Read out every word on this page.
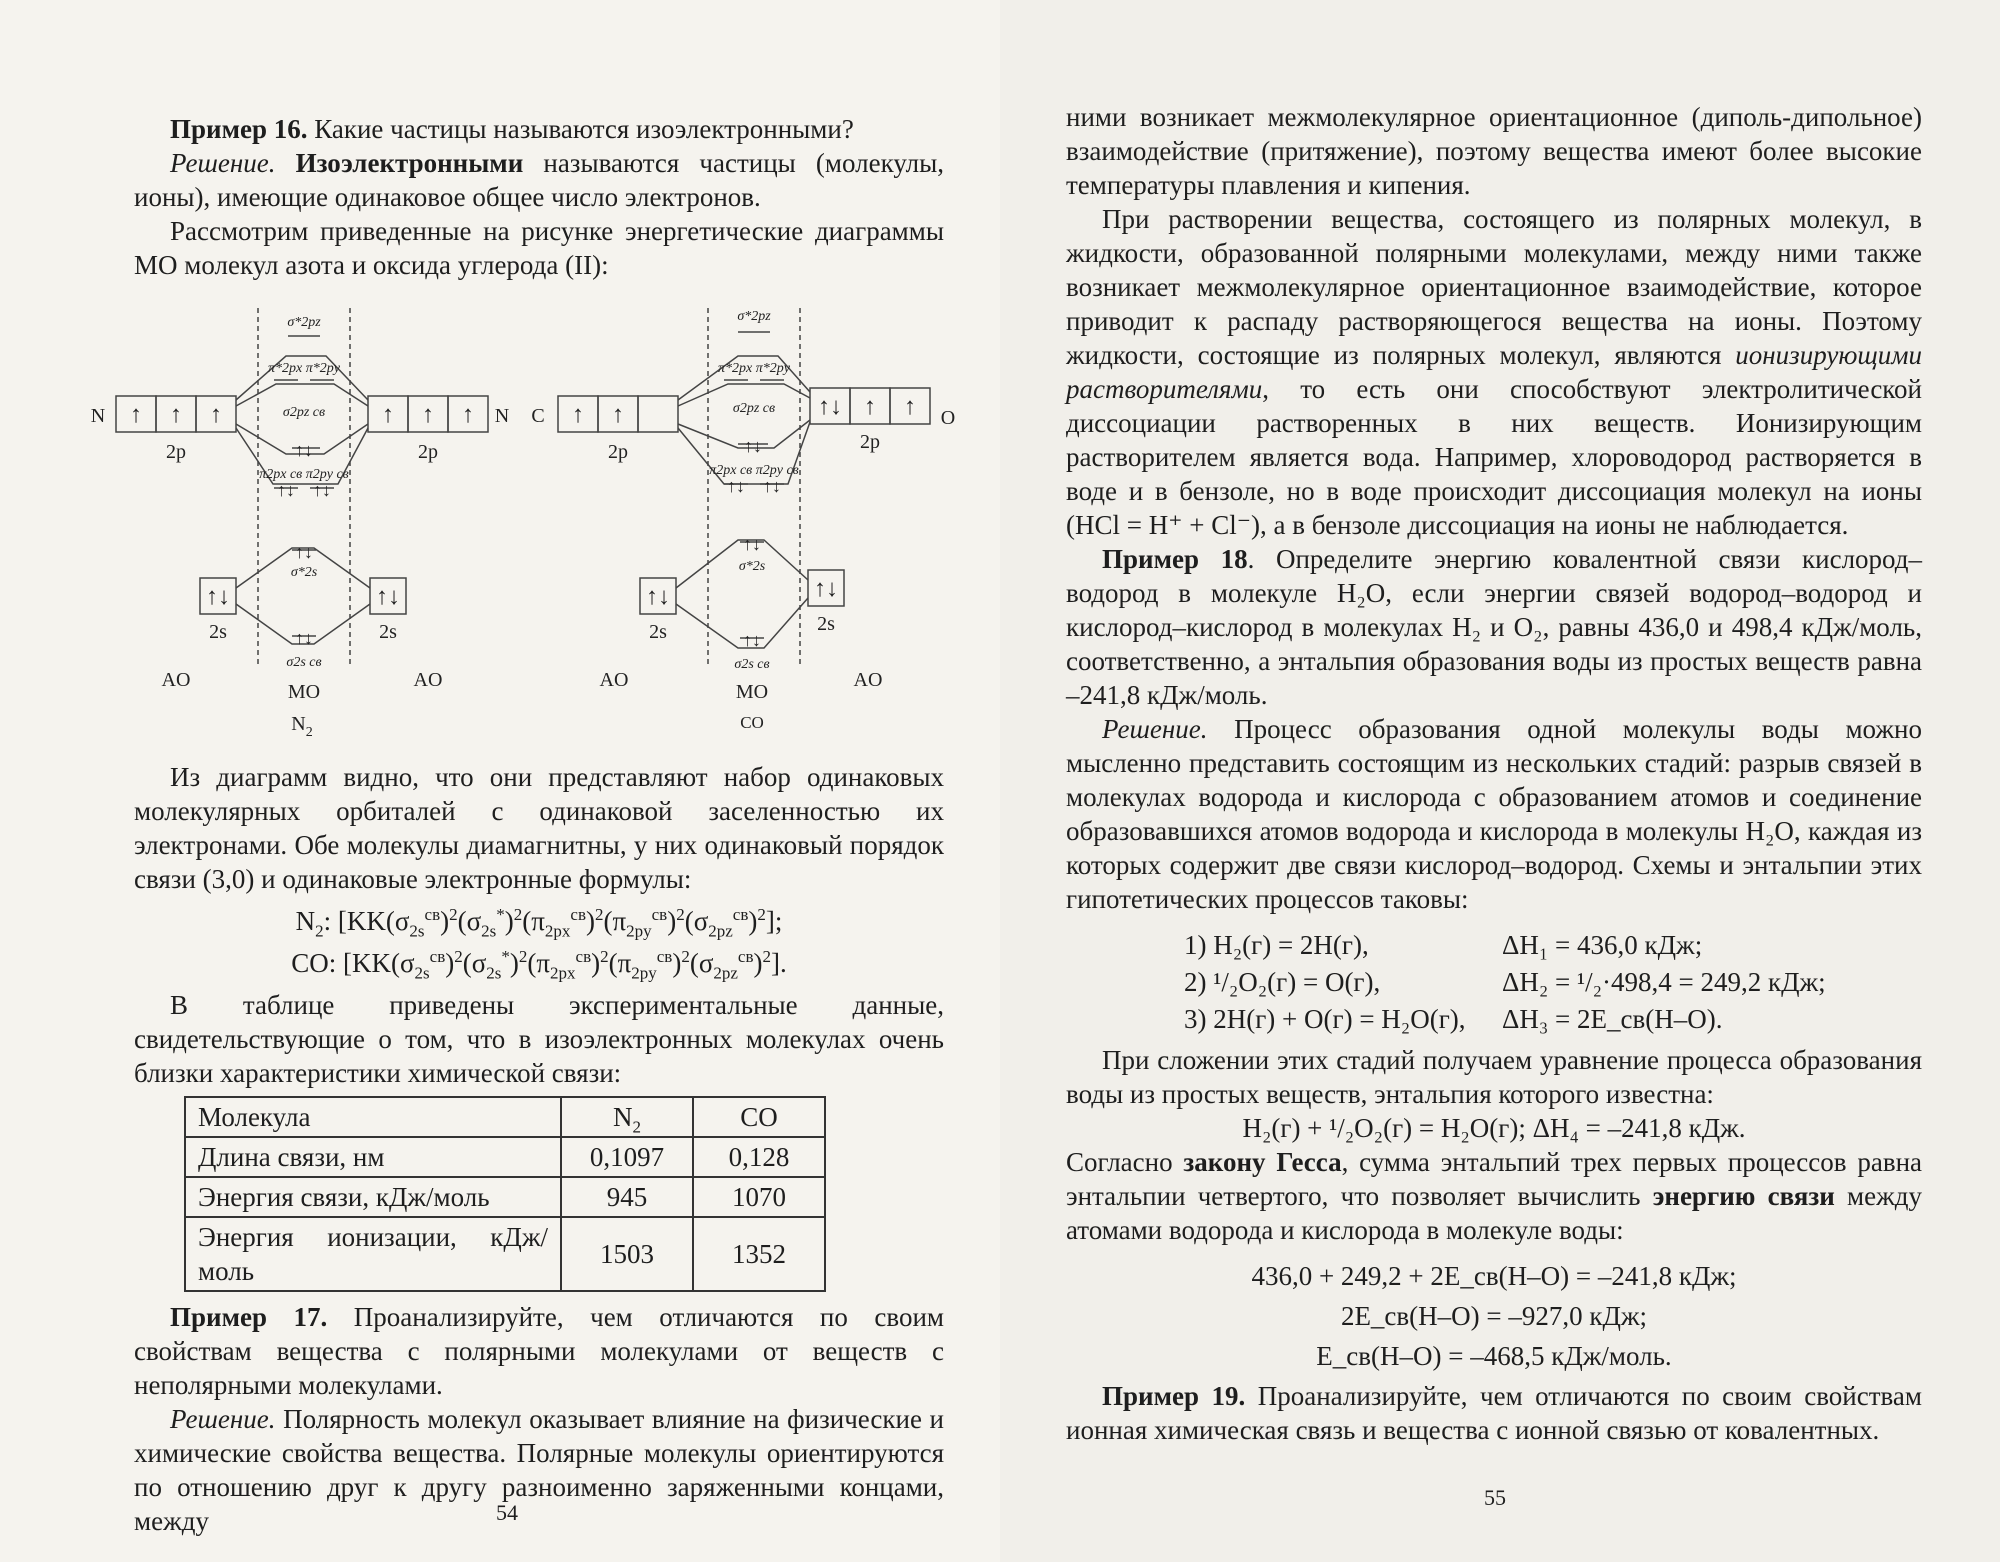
Пример 16. Какие частицы называются изоэлектронными?

Решение. Изоэлектронными называются частицы (молекулы, ионы), имеющие одинаковое общее число электронов.

Рассмотрим приведенные на рисунке энергетические диаграммы МО молекул азота и оксида углерода (II):

Из диаграмм видно, что они представляют набор одинаковых молекулярных орбиталей с одинаковой заселенностью их электронами. Обе молекулы диамагнитны, у них одинаковый порядок связи (3,0) и одинаковые электронные формулы:

$N_2$: $[KK(\sigma_{2s}^{cв})^2(\sigma_{2s}^*)^2(\pi_{2px}^{cв})^2(\pi_{2py}^{cв})^2(\sigma_{2pz}^{cв})^2]$;

CO: $[KK(\sigma_{2s}^{cв})^2(\sigma_{2s}^*)^2(\pi_{2px}^{cв})^2(\pi_{2py}^{cв})^2(\sigma_{2pz}^{cв})^2]$.

В таблице приведены экспериментальные данные, свидетельствующие о том, что в изоэлектронных молекулах очень близки характеристики химической связи:

Молекула	$N_2$	CO
Длина связи, нм	0,1097	0,128
Энергия связи, кДж/моль	945	1070
Энергия ионизации, кДж/моль	1503	1352

Пример 17. Проанализируйте, чем отличаются по своим свойствам вещества с полярными молекулами от веществ с неполярными молекулами.

Решение. Полярность молекул оказывает влияние на физические и химические свойства вещества. Полярные молекулы ориентируются по отношению друг к другу разноименно заряженными концами, между

↑ ↑ ↑	↑ ↑ ↑
↑↓	↑↓
↑ ↑	↑↓ ↑ ↑
↑↓	↑↓
↑↓
↑↓ ↑↓
↑↓
↑↓
↑↓
↑↓ ↑↓
↑↓
↑↓
σ*2pz
π*2px π*2py
σ2pz cв
π2px cв π2py cв
σ*2s
σ2s cв
σ*2pz
π*2px π*2py
σ2pz cв
π2px cв π2py cв
σ*2s
σ2s cв
N	N
2p	2p
2s	2s
AO	AO
MO
$N_2$
C	O
2p	2p
2s	2s
AO	AO
MO
CO
54

ними возникает межмолекулярное ориентационное (диполь-дипольное) взаимодействие (притяжение), поэтому вещества имеют более высокие температуры плавления и кипения.

При растворении вещества, состоящего из полярных молекул, в жидкости, образованной полярными молекулами, между ними также возникает межмолекулярное ориентационное взаимодействие, которое приводит к распаду растворяющегося вещества на ионы. Поэтому жидкости, состоящие из полярных молекул, являются ионизирующими растворителями, то есть они способствуют электролитической диссоциации растворенных в них веществ. Ионизирующим растворителем является вода. Например, хлороводород растворяется в воде и в бензоле, но в воде происходит диссоциация молекул на ионы (HCl = H⁺ + Cl⁻), а в бензоле диссоциация на ионы не наблюдается.

Пример 18. Определите энергию ковалентной связи кислород–водород в молекуле H₂O, если энергии связей водород–водород и кислород–кислород в молекулах H₂ и O₂, равны 436,0 и 498,4 кДж/моль, соответственно, а энтальпия образования воды из простых веществ равна –241,8 кДж/моль.

Решение. Процесс образования одной молекулы воды можно мысленно представить состоящим из нескольких стадий: разрыв связей в молекулах водорода и кислорода с образованием атомов и соединение образовавшихся атомов водорода и кислорода в молекулы H₂O, каждая из которых содержит две связи кислород–водород. Схемы и энтальпии этих гипотетических процессов таковы:

1) H₂(г) = 2H(г),	ΔH₁ = 436,0 кДж;
2) ¹/₂O₂(г) = O(г),	ΔH₂ = ¹/₂·498,4 = 249,2 кДж;
3) 2H(г) + O(г) = H₂O(г),	ΔH₃ = 2E_cв(H–O).

При сложении этих стадий получаем уравнение процесса образования воды из простых веществ, энтальпия которого известна:

H₂(г) + ¹/₂O₂(г) = H₂O(г); ΔH₄ = –241,8 кДж.

Согласно закону Гесса, сумма энтальпий трех первых процессов равна энтальпии четвертого, что позволяет вычислить энергию связи между атомами водорода и кислорода в молекуле воды:

436,0 + 249,2 + 2E_cв(H–O) = –241,8 кДж;

2E_cв(H–O) = –927,0 кДж;

E_cв(H–O) = –468,5 кДж/моль.

Пример 19. Проанализируйте, чем отличаются по своим свойствам ионная химическая связь и вещества с ионной связью от ковалентных.

55
